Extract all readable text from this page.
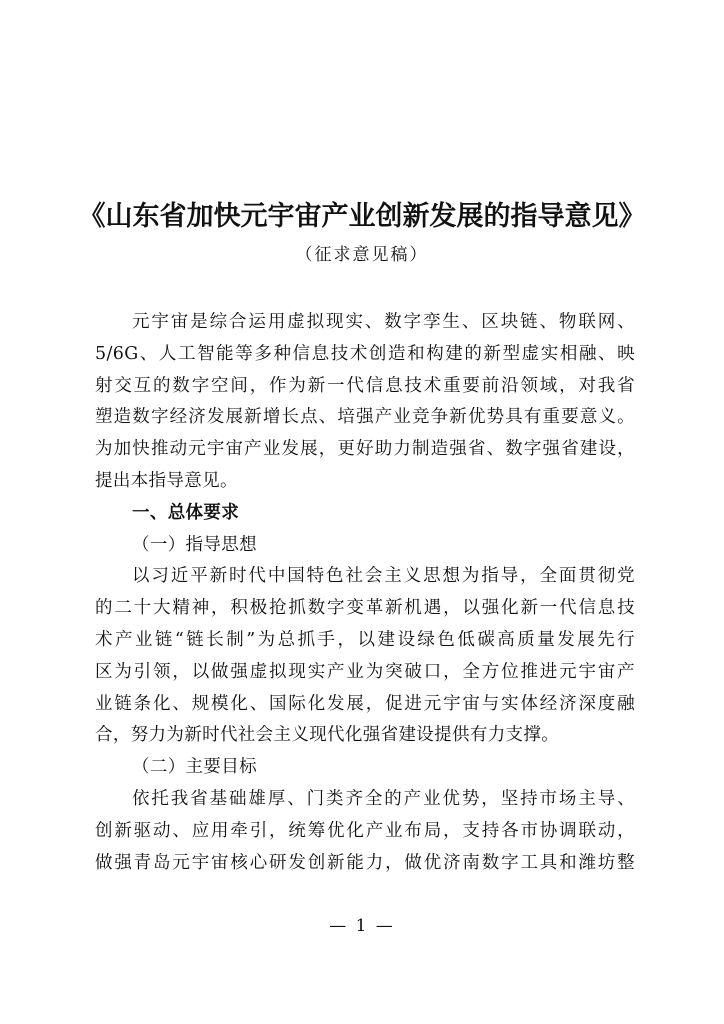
《山东省加快元宇宙产业创新发展的指导意见》
（征求意见稿）
元宇宙是综合运用虚拟现实、数字孪生、区块链、物联网、
5/6G、人工智能等多种信息技术创造和构建的新型虚实相融、映
射交互的数字空间，作为新一代信息技术重要前沿领域，对我省
塑造数字经济发展新增长点、培强产业竞争新优势具有重要意义。
为加快推动元宇宙产业发展，更好助力制造强省、数字强省建设，
提出本指导意见。
一、总体要求
（一）指导思想
以习近平新时代中国特色社会主义思想为指导，全面贯彻党
的二十大精神，积极抢抓数字变革新机遇，以强化新一代信息技
术产业链“链长制”为总抓手，以建设绿色低碳高质量发展先行
区为引领，以做强虚拟现实产业为突破口，全方位推进元宇宙产
业链条化、规模化、国际化发展，促进元宇宙与实体经济深度融
合，努力为新时代社会主义现代化强省建设提供有力支撑。
（二）主要目标
依托我省基础雄厚、门类齐全的产业优势，坚持市场主导、
创新驱动、应用牵引，统筹优化产业布局，支持各市协调联动，
做强青岛元宇宙核心研发创新能力，做优济南数字工具和潍坊整
— 1 —
